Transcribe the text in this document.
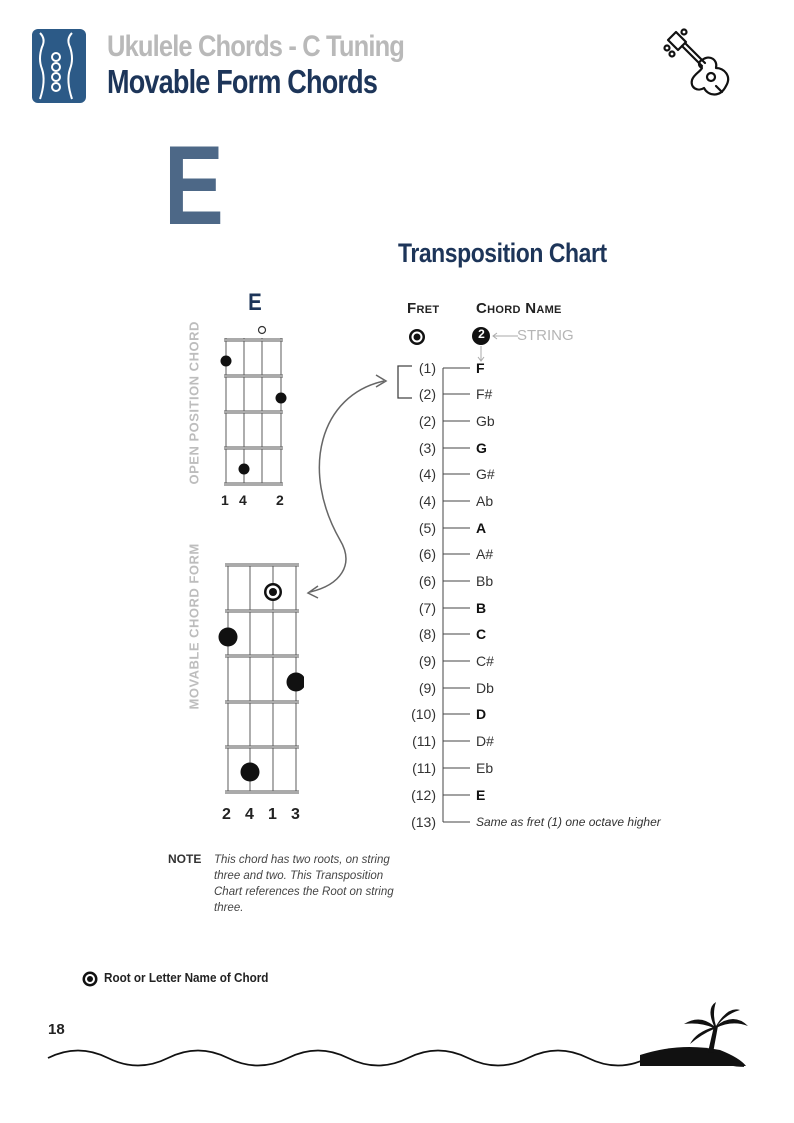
Ukulele Chords - C Tuning
Movable Form Chords
E
Transposition Chart
E
OPEN POSITION CHORD
1 4 2
MOVABLE CHORD FORM
2 4 1 3
Fret Chord Name
2 STRING
(1)	F
(2)	F#
(2)	Gb
(3)	G
(4)	G#
(4)	Ab
(5)	A
(6)	A#
(6)	Bb
(7)	B
(8)	C
(9)	C#
(9)	Db
(10)	D
(11)	D#
(11)	Eb
(12)	E
(13)	Same as fret (1) one octave higher
NOTE This chord has two roots, on string three and two. This Transposition Chart references the Root on string three.
Root or Letter Name of Chord
18
